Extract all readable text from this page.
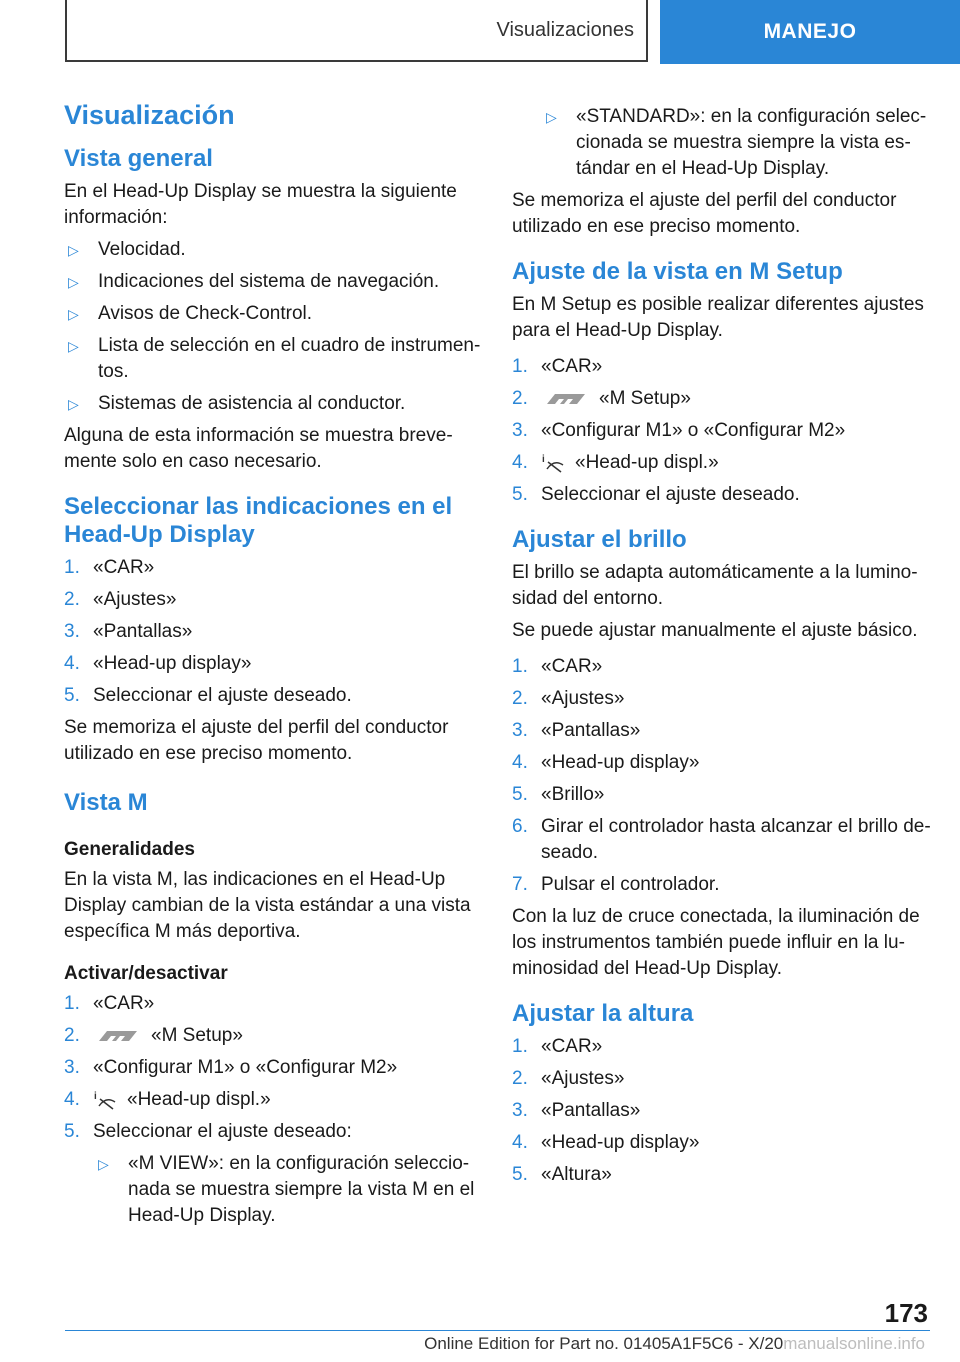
Visualizaciones	MANEJO
Visualización
Vista general

En el Head-Up Display se muestra la siguiente información:

▷	Velocidad.
▷	Indicaciones del sistema de navegación.
▷	Avisos de Check-Control.
▷	Lista de selección en el cuadro de instrumentos.
▷	Sistemas de asistencia al conductor.

Alguna de esta información se muestra brevemente solo en caso necesario.

Seleccionar las indicaciones en el Head-Up Display
1. «CAR»
2. «Ajustes»
3. «Pantallas»
4. «Head-up display»
5. Seleccionar el ajuste deseado.

Se memoriza el ajuste del perfil del conductor utilizado en ese preciso momento.

Vista M
Generalidades

En la vista M, las indicaciones en el Head-Up Display cambian de la vista estándar a una vista específica M más deportiva.

Activar/desactivar
1. «CAR»
2.	«M Setup»
3. «Configurar M1» o «Configurar M2»
4.	i «Head-up displ.»
5. Seleccionar el ajuste deseado:
▷	«M VIEW»: en la configuración seleccionada se muestra siempre la vista M en el Head-Up Display.
▷	«STANDARD»: en la configuración seleccionada se muestra siempre la vista estándar en el Head-Up Display.

Se memoriza el ajuste del perfil del conductor utilizado en ese preciso momento.

Ajuste de la vista en M Setup

En M Setup es posible realizar diferentes ajustes para el Head-Up Display.

1. «CAR»
2.	«M Setup»
3. «Configurar M1» o «Configurar M2»
4.	i «Head-up displ.»
5. Seleccionar el ajuste deseado.
Ajustar el brillo

El brillo se adapta automáticamente a la luminosidad del entorno.

Se puede ajustar manualmente el ajuste básico.

1. «CAR»
2. «Ajustes»
3. «Pantallas»
4. «Head-up display»
5. «Brillo»
6. Girar el controlador hasta alcanzar el brillo deseado.
7. Pulsar el controlador.

Con la luz de cruce conectada, la iluminación de los instrumentos también puede influir en la luminosidad del Head-Up Display.

Ajustar la altura
1. «CAR»
2. «Ajustes»
3. «Pantallas»
4. «Head-up display»
5. «Altura»
173
Online Edition for Part no. 01405A1F5C6 - X/20manualsonline.info
